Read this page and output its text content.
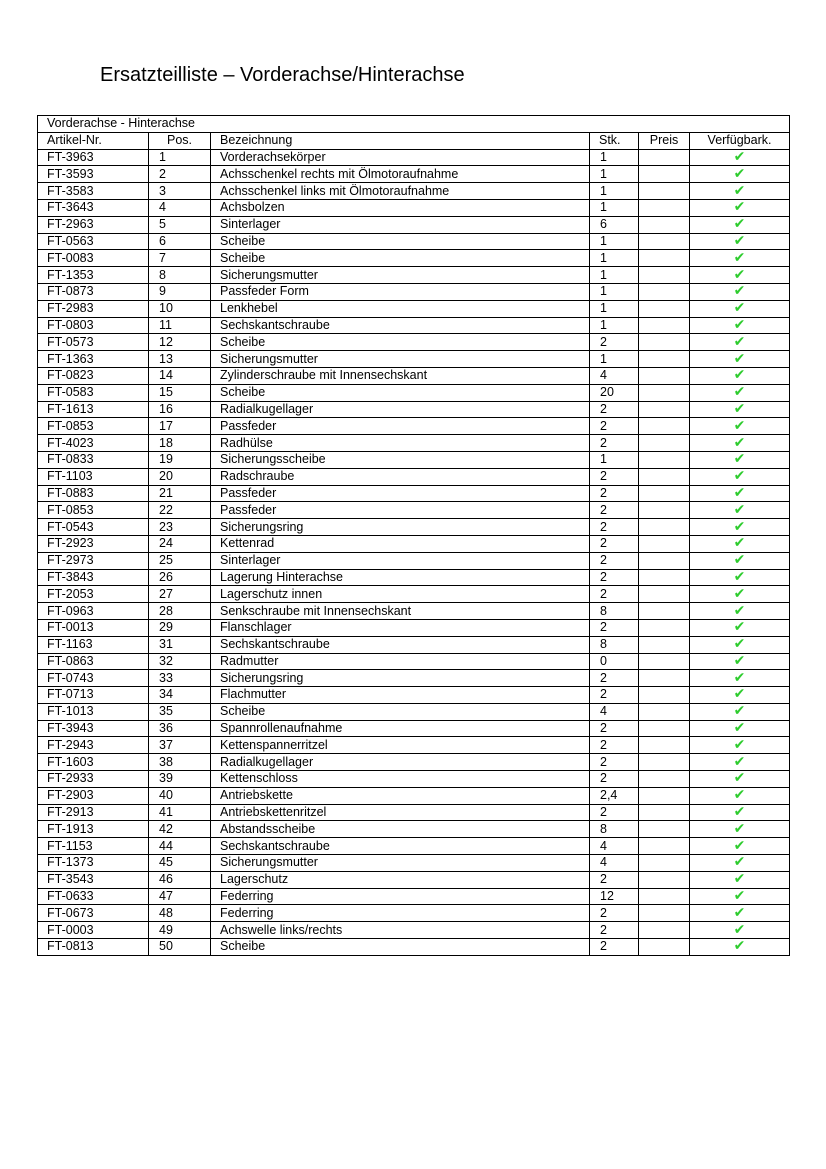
Ersatzteilliste – Vorderachse/Hinterachse
Vorderachse - Hinterachse					
Artikel-Nr.	Pos.	Bezeichnung	Stk.	Preis	Verfügbark.
FT-3963	1	Vorderachsekörper	1		✔
FT-3593	2	Achsschenkel rechts mit Ölmotoraufnahme	1		✔
FT-3583	3	Achsschenkel links mit Ölmotoraufnahme	1		✔
FT-3643	4	Achsbolzen	1		✔
FT-2963	5	Sinterlager	6		✔
FT-0563	6	Scheibe	1		✔
FT-0083	7	Scheibe	1		✔
FT-1353	8	Sicherungsmutter	1		✔
FT-0873	9	Passfeder Form	1		✔
FT-2983	10	Lenkhebel	1		✔
FT-0803	11	Sechskantschraube	1		✔
FT-0573	12	Scheibe	2		✔
FT-1363	13	Sicherungsmutter	1		✔
FT-0823	14	Zylinderschraube mit Innensechskant	4		✔
FT-0583	15	Scheibe	20		✔
FT-1613	16	Radialkugellager	2		✔
FT-0853	17	Passfeder	2		✔
FT-4023	18	Radhülse	2		✔
FT-0833	19	Sicherungsscheibe	1		✔
FT-1103	20	Radschraube	2		✔
FT-0883	21	Passfeder	2		✔
FT-0853	22	Passfeder	2		✔
FT-0543	23	Sicherungsring	2		✔
FT-2923	24	Kettenrad	2		✔
FT-2973	25	Sinterlager	2		✔
FT-3843	26	Lagerung Hinterachse	2		✔
FT-2053	27	Lagerschutz innen	2		✔
FT-0963	28	Senkschraube mit Innensechskant	8		✔
FT-0013	29	Flanschlager	2		✔
FT-1163	31	Sechskantschraube	8		✔
FT-0863	32	Radmutter	0		✔
FT-0743	33	Sicherungsring	2		✔
FT-0713	34	Flachmutter	2		✔
FT-1013	35	Scheibe	4		✔
FT-3943	36	Spannrollenaufnahme	2		✔
FT-2943	37	Kettenspannerritzel	2		✔
FT-1603	38	Radialkugellager	2		✔
FT-2933	39	Kettenschloss	2		✔
FT-2903	40	Antriebskette	2,4		✔
FT-2913	41	Antriebskettenritzel	2		✔
FT-1913	42	Abstandsscheibe	8		✔
FT-1153	44	Sechskantschraube	4		✔
FT-1373	45	Sicherungsmutter	4		✔
FT-3543	46	Lagerschutz	2		✔
FT-0633	47	Federring	12		✔
FT-0673	48	Federring	2		✔
FT-0003	49	Achswelle links/rechts	2		✔
FT-0813	50	Scheibe	2		✔
